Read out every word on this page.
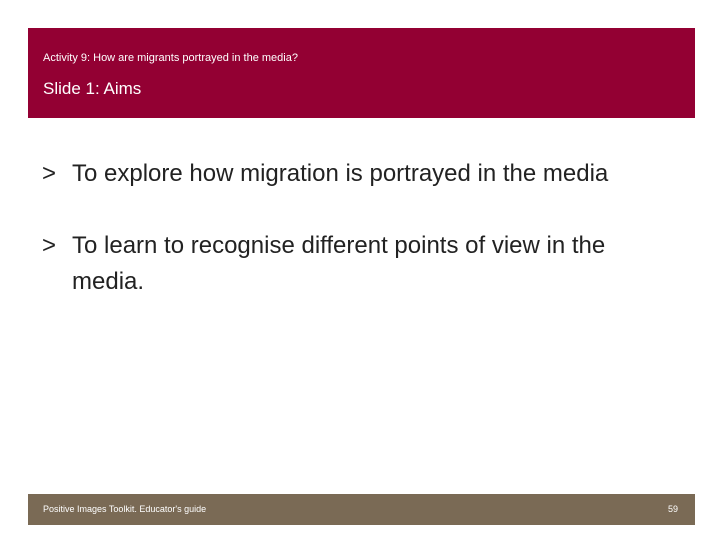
Activity 9: How are migrants portrayed in the media?
Slide 1: Aims
> To explore how migration is portrayed in the media
> To learn to recognise different points of view in the media.
Positive Images Toolkit. Educator's guide	59
